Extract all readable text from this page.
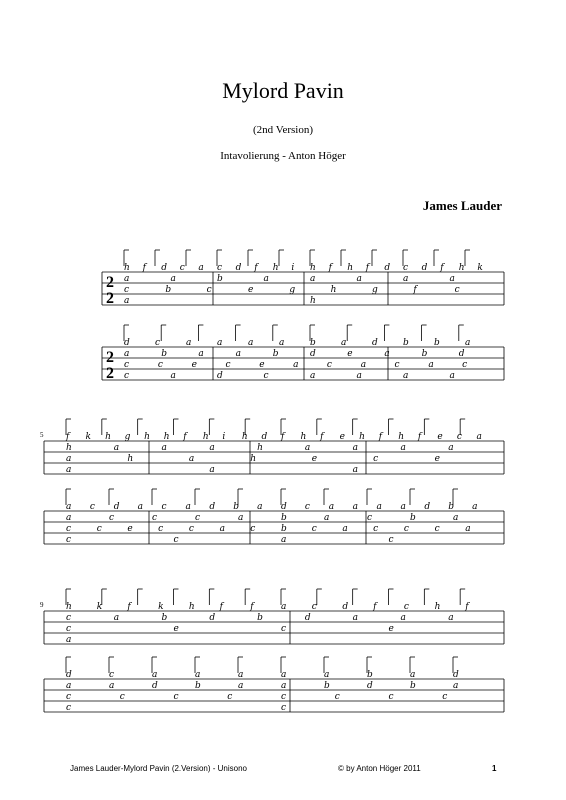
Mylord Pavin
(2nd Version)
Intavolierung - Anton Höger
James Lauder
2
2
h f d c a c d f h i h f h f d c d f h k
a	a	b	a	a	a	a	a
c	b	c	e	g	h	g	f	c
a	h
2
2
d	c	a	a	a	a	b	a	d	b	b	a
a	b	a	a	b	d	e	a	b	d
c	c	e	c	e	a	c	a	c	a	c
c	a	d	c	a	a	a	a
5	f k h g h h f h i h d f h f e h f h f e c a
h	a	a	a	h	a	a	a	a
a	h	a	h	e	c	e
a	a	a
a c d a c a d b a d c a a a a d b a
a	c	c	c	a	b	a	c	b	a
c	c	e	c	c	a	c	b	c	a	c	c	c	a
c	c	a	c
9	h	k	f	k	h	f	f	a	c	d	f	c	h	f
c	a	b	d	b	d	a	a	a
c	e	c	e
a
d	c	a	a	a	a	a	b	a	d
a	a	d	b	a	a	b	d	b	a
c	c	c	c	c	c	c	c
c	c
James Lauder-Mylord Pavin (2.Version) - Unisono	© by Anton Höger 2011	1
